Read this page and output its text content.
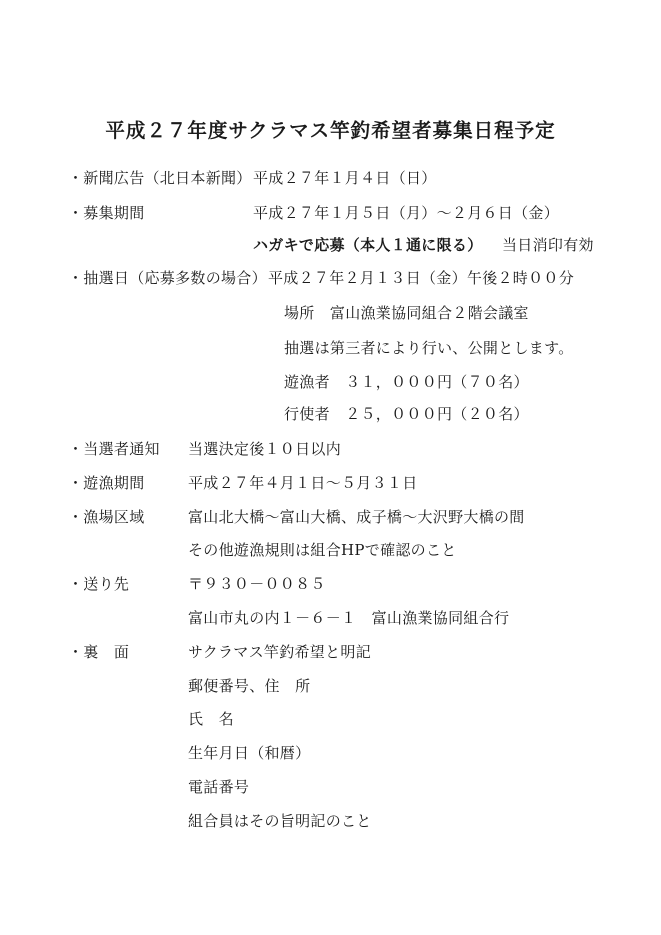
平成２７年度サクラマス竿釣希望者募集日程予定
・新聞広告（北日本新聞） 平成２７年１月４日（日）
・募集期間	平成２７年１月５日（月）～２月６日（金）
ハガキで応募（本人１通に限る） 当日消印有効
・抽選日（応募多数の場合） 平成２７年２月１３日（金）午後２時００分
場所　富山漁業協同組合２階会議室
抽選は第三者により行い、公開とします。
遊漁者　３１，０００円（７０名）
行使者　２５，０００円（２０名）
・当選者通知 当選決定後１０日以内
・遊漁期間	平成２７年４月１日～５月３１日
・漁場区域	富山北大橋～富山大橋、成子橋～大沢野大橋の間
その他遊漁規則は組合HPで確認のこと
・送り先	〒９３０－００８５
富山市丸の内１－６－１　富山漁業協同組合行
・裏　面	サクラマス竿釣希望と明記
郵便番号、住　所
氏　名
生年月日（和暦）
電話番号
組合員はその旨明記のこと
